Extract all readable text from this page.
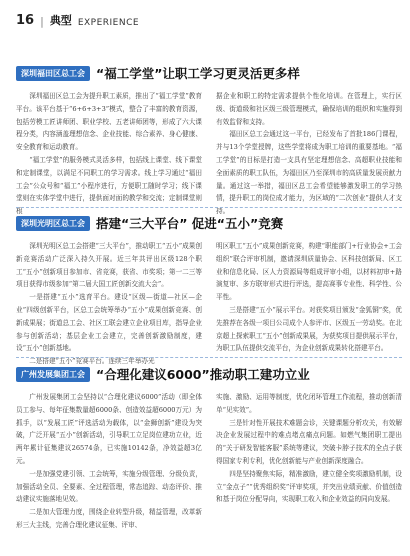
16 | 典型 EXPERIENCE
深圳福田区总工会 “福工学堂”让职工学习更灵活更多样

深圳福田区总工会为提升职工素质，推出了“福工学堂”教育平台。该平台基于“6+6+3+3”模式，整合了丰富的教育资源，包括劳模工匠讲师团、职业学校、五老讲师团等，形成了六大课程分类，内容涵盖理想信念、企业技能、综合素养、身心健康、安全教育和运动教育。

“福工学堂”的服务模式灵活多样，包括线上课堂、线下课堂和定制课堂，以满足不同职工的学习需求。线上学习通过“福田工会”公众号和“福工”小程序进行，方便职工随时学习；线下课堂则在实体学堂中进行，提供面对面的教学和交流；定制课堂则根

据企业和职工的特定需求提供个性化培训。在管理上，实行区级、街道级和社区级三级管理模式，确保培训的组织和实施得到有效监督和支持。

福田区总工会通过这一平台，已经发布了首批186门课程，并与13个学堂授牌，这些学堂将成为职工培训的重要基地。“福工学堂”的目标是打造一支具有坚定理想信念、高超职业技能和全面素质的职工队伍，为福田区乃至深圳市的高质量发展贡献力量。通过这一举措，福田区总工会希望能够激发职工的学习热情，提升职工的岗位成才能力，为区域的“二次创业”提供人才支持。

深圳光明区总工会 搭建“三大平台” 促进“五小”竞赛

深圳光明区总工会搭建“三大平台”，推动职工“五小”成果创新竞赛活动广泛深入持久开展。近三年共评出区级128个职工“五小”创新项目参加市、省竞赛，获省、市奖项；第一二三等项目获得市级参加“第二届大国工匠创新交流大会”。

一是搭建“五小”选育平台。建设“区级—街道—社区—企业”四级创新平台，区总工会统筹举办“五小”成果创新竞赛、创新成果展；街道总工会、社区工联会建立企业项目库，指导企业参与创新活动；基层企业工会建立，完善创新激励制度，建设“五小”创新基地。

二是搭建“五小”竞赛平台。连续三年举办光

明区职工“五小”成果创新竞赛，构建“职能部门+行业协会+工会组织”联合评审机制，邀请深圳质量协会、区科技创新局、区工业和信息化局、区人力资源局等组成评审小组，以材料初审+路演复审、多方联审形式进行评选，提高赛事专业性、科学性、公平性。

三是搭建“五小”展示平台。对获奖项目颁发“金狐铜”奖，优先推荐在各级一项目公司成个人参评市、区级五一劳动奖。在北京超上探索职工“五小”创新成果展，为获奖项目提供展示平台，为职工队伍提供交流平台，为企业创新成果转化搭建平台。

广州发展集团工会 “合理化建议6000”推动职工建功立业

广州发展集团工会坚持以“合理化建议6000”活动（即全体员工参与、每年征集数量超6000条、创造效益超6000万元）为抓手，以“发展工匠”评选活动为载体，以“金狮创新”建设为突破，广泛开展“五小”创新活动，引导职工立足岗位建功立业，近两年累计征集建议26574条，已实施10142条，净效益超3亿元。

一是加强党建引领、工会统筹，实施分级管理、分级负责，加强活动全员、全要素、全过程管理，常态追踪、动态评价、推动建议实施落地见效。

二是加大管理力度，围绕企业转型升级，精益管理，改革新形三大主线，完善合理化建议征集、评审、

实施、激励、运用等制度，优化闭环管理工作流程，推动创新清单“见实效”。

三是针对性开展技术难题会诊，关键课题分析攻关，有效解决企业发展过程中的难点堵点痛点问题。如燃气集团职工提出的“关于研发智能客服”系统等建议，突破卡脖子技术的全点子获得国家专利专利，优化创新能与产业创新深度融合。

四是坚持聚焦实际，精准激励，建立健全奖项激励机制，设立“金点子”“优秀组织奖”评审奖项，并突出业绩贡献、价值创造和基于岗位分配导向，实现职工收入和企业效益的同向发展。
